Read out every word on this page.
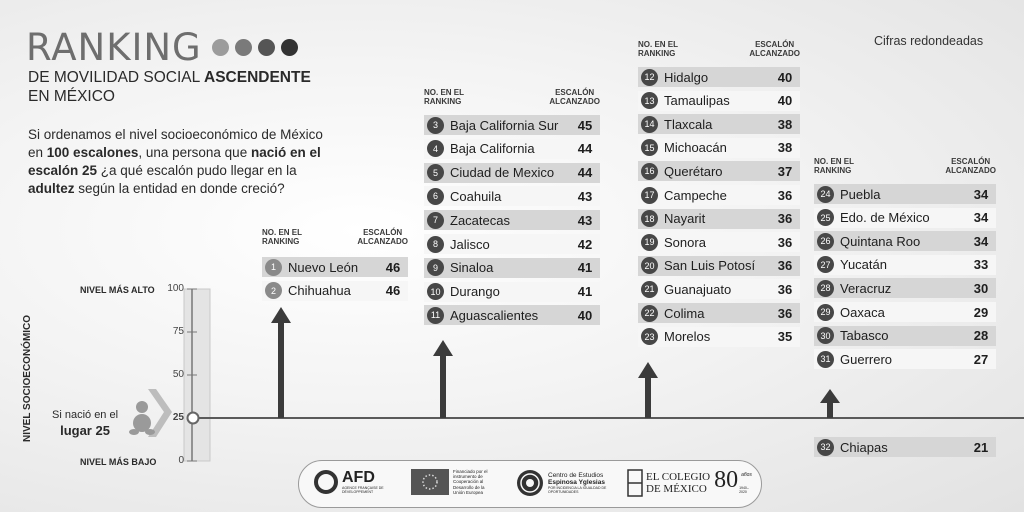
RANKING
DE MOVILIDAD SOCIAL ASCENDENTE
EN MÉXICO
Si ordenamos el nivel socioeconómico de México en 100 escalones, una persona que nació en el escalón 25 ¿a qué escalón pudo llegar en la adultez según la entidad en donde creció?
Cifras redondeadas
NIVEL MÁS ALTO
NIVEL MÁS BAJO
100
75
50
25
0
NIVEL SOCIOECONÓMICO Si nació en el
lugar 25
NO. EN EL
RANKING
ESCALÓN
ALCANZADO
1 Nuevo León	46
2 Chihuahua	46
NO. EN EL
RANKING
ESCALÓN
ALCANZADO
3 Baja California Sur	45
4 Baja California	44
5 Ciudad de Mexico	44
6 Coahuila	43
7 Zacatecas	43
8 Jalisco	42
9 Sinaloa	41
10 Durango	41
11 Aguascalientes	40
NO. EN EL
RANKING
ESCALÓN
ALCANZADO
12 Hidalgo	40
13 Tamaulipas	40
14 Tlaxcala	38
15 Michoacán	38
16 Querétaro	37
17 Campeche	36
18 Nayarit	36
19 Sonora	36
20 San Luis Potosí	36
21 Guanajuato	36
22 Colima	36
23 Morelos	35
NO. EN EL
RANKING
ESCALÓN
ALCANZADO
24 Puebla	34
25 Edo. de México	34
26 Quintana Roo	34
27 Yucatán	33
28 Veracruz	30
29 Oaxaca	29
30 Tabasco	28
31 Guerrero	27
32 Chiapas	21
AFD
AGENCE FRANÇAISE DE DÉVELOPPEMENT
Financiado por el
instrumento de
Cooperación al
Desarrollo de la
Unión Europea
Centro de Estudios
Espinosa Yglesias
POR INCIDENCIA LA IGUALDAD DE OPORTUNIDADES
EL COLEGIO
DE MÉXICO 80 años
1940–2020
